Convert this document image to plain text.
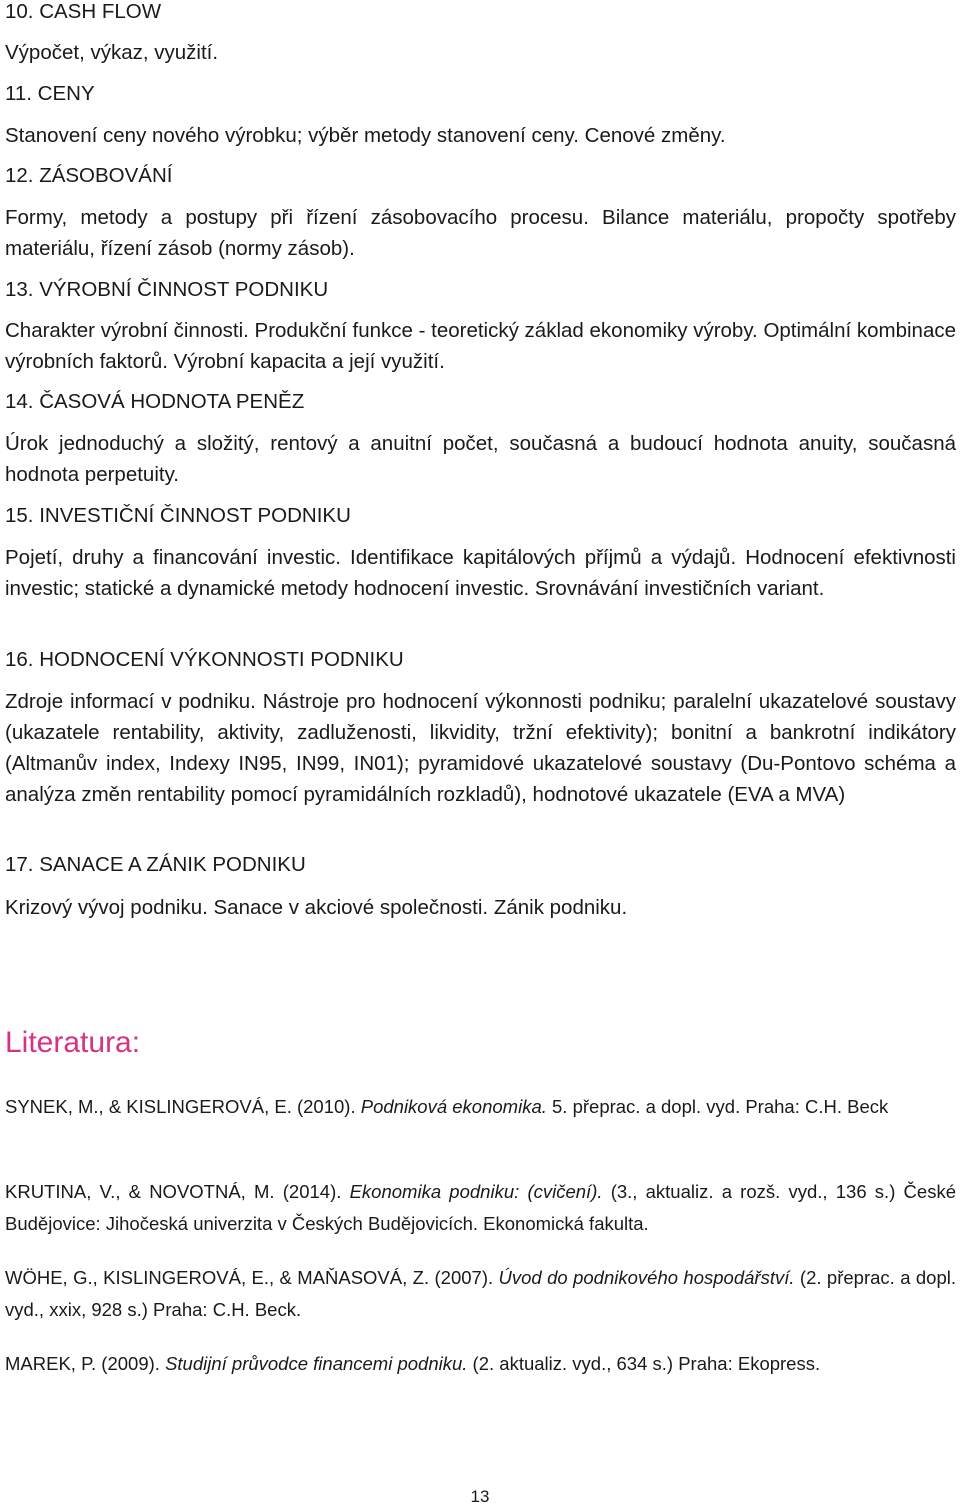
10. CASH FLOW
Výpočet, výkaz, využití.
11. CENY
Stanovení ceny nového výrobku; výběr metody stanovení ceny. Cenové změny.
12. ZÁSOBOVÁNÍ
Formy, metody a postupy při řízení zásobovacího procesu. Bilance materiálu, propočty spotřeby materiálu, řízení zásob (normy zásob).
13. VÝROBNÍ ČINNOST PODNIKU
Charakter výrobní činnosti. Produkční funkce - teoretický základ ekonomiky výroby. Optimální kombinace výrobních faktorů. Výrobní kapacita a její využití.
14. ČASOVÁ HODNOTA PENĚZ
Úrok jednoduchý a složitý, rentový a anuitní počet, současná a budoucí hodnota anuity, současná hodnota perpetuity.
15. INVESTIČNÍ ČINNOST PODNIKU
Pojetí, druhy a financování investic. Identifikace kapitálových příjmů a výdajů. Hodnocení efektivnosti investic; statické a dynamické metody hodnocení investic. Srovnávání investičních variant.
16. HODNOCENÍ VÝKONNOSTI PODNIKU
Zdroje informací v podniku. Nástroje pro hodnocení výkonnosti podniku; paralelní ukazatelové soustavy (ukazatele rentability, aktivity, zadluženosti, likvidity, tržní efektivity); bonitní a bankrotní indikátory (Altmanův index, Indexy IN95, IN99, IN01); pyramidové ukazatelové soustavy (Du-Pontovo schéma a analýza změn rentability pomocí pyramidálních rozkladů), hodnotové ukazatele (EVA a MVA)
17. SANACE A ZÁNIK PODNIKU
Krizový vývoj podniku. Sanace v akciové společnosti. Zánik podniku.
Literatura:
SYNEK, M., & KISLINGEROVÁ, E. (2010). Podniková ekonomika. 5. přeprac. a dopl. vyd. Praha: C.H. Beck
KRUTINA, V., & NOVOTNÁ, M. (2014). Ekonomika podniku: (cvičení). (3., aktualiz. a rozš. vyd., 136 s.) České Budějovice: Jihočeská univerzita v Českých Budějovicích. Ekonomická fakulta.
WÖHE, G., KISLINGEROVÁ, E., & MAŇASOVÁ, Z. (2007). Úvod do podnikového hospodářství. (2. přeprac. a dopl. vyd., xxix, 928 s.) Praha: C.H. Beck.
MAREK, P. (2009). Studijní průvodce financemi podniku. (2. aktualiz. vyd., 634 s.) Praha: Ekopress.
13
